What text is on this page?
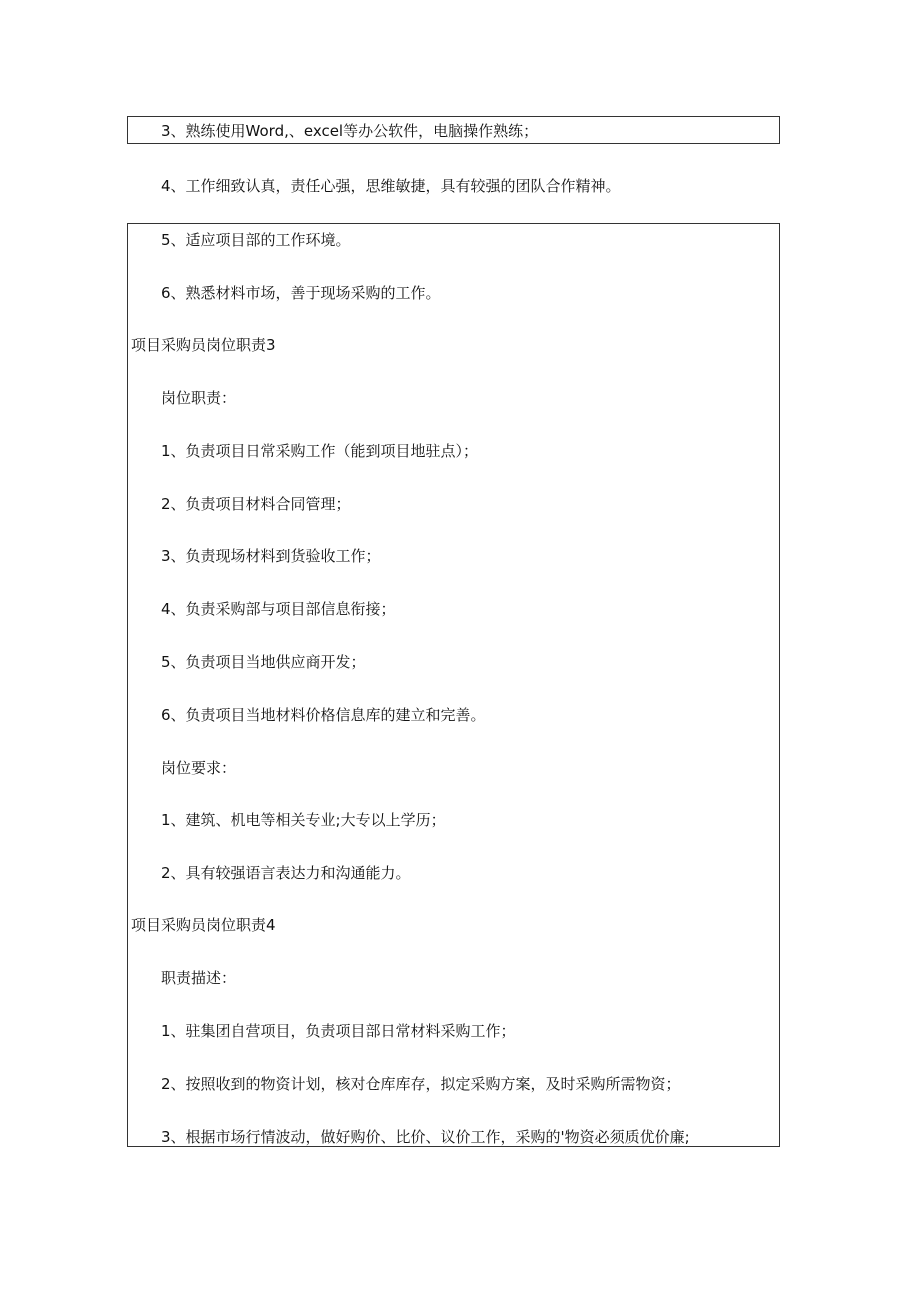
3、熟练使用Word,、excel等办公软件，电脑操作熟练；
4、工作细致认真，责任心强，思维敏捷，具有较强的团队合作精神。
5、适应项目部的工作环境。
6、熟悉材料市场，善于现场采购的工作。
项目采购员岗位职责3
岗位职责：
1、负责项目日常采购工作（能到项目地驻点）；
2、负责项目材料合同管理；
3、负责现场材料到货验收工作；
4、负责采购部与项目部信息衔接；
5、负责项目当地供应商开发；
6、负责项目当地材料价格信息库的建立和完善。
岗位要求：
1、建筑、机电等相关专业;大专以上学历；
2、具有较强语言表达力和沟通能力。
项目采购员岗位职责4
职责描述：
1、驻集团自营项目，负责项目部日常材料采购工作；
2、按照收到的物资计划，核对仓库库存，拟定采购方案，及时采购所需物资；
3、根据市场行情波动，做好购价、比价、议价工作，采购的'物资必须质优价廉;
